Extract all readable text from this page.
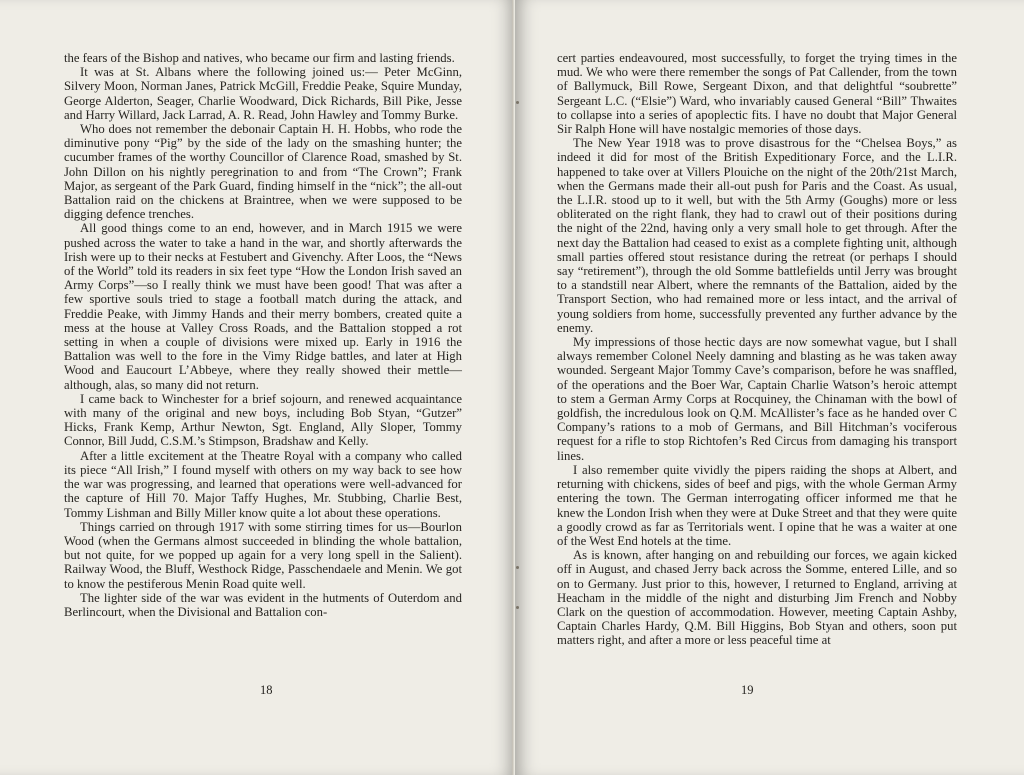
the fears of the Bishop and natives, who became our firm and lasting friends.

It was at St. Albans where the following joined us:— Peter McGinn, Silvery Moon, Norman Janes, Patrick McGill, Freddie Peake, Squire Munday, George Alderton, Seager, Charlie Woodward, Dick Richards, Bill Pike, Jesse and Harry Willard, Jack Larrad, A. R. Read, John Hawley and Tommy Burke.

Who does not remember the debonair Captain H. H. Hobbs, who rode the diminutive pony “Pig” by the side of the lady on the smashing hunter; the cucumber frames of the worthy Councillor of Clarence Road, smashed by St. John Dillon on his nightly peregrination to and from “The Crown”; Frank Major, as sergeant of the Park Guard, finding himself in the “nick”; the all-out Battalion raid on the chickens at Braintree, when we were supposed to be digging defence trenches.

All good things come to an end, however, and in March 1915 we were pushed across the water to take a hand in the war, and shortly afterwards the Irish were up to their necks at Festubert and Givenchy. After Loos, the “News of the World” told its readers in six feet type “How the London Irish saved an Army Corps”—so I really think we must have been good! That was after a few sportive souls tried to stage a football match during the attack, and Freddie Peake, with Jimmy Hands and their merry bombers, created quite a mess at the house at Valley Cross Roads, and the Battalion stopped a rot setting in when a couple of divisions were mixed up. Early in 1916 the Battalion was well to the fore in the Vimy Ridge battles, and later at High Wood and Eaucourt L’Abbeye, where they really showed their mettle—although, alas, so many did not return.

I came back to Winchester for a brief sojourn, and renewed acquaintance with many of the original and new boys, including Bob Styan, “Gutzer” Hicks, Frank Kemp, Arthur Newton, Sgt. England, Ally Sloper, Tommy Connor, Bill Judd, C.S.M.’s Stimpson, Bradshaw and Kelly.

After a little excitement at the Theatre Royal with a company who called its piece “All Irish,” I found myself with others on my way back to see how the war was progressing, and learned that operations were well-advanced for the capture of Hill 70. Major Taffy Hughes, Mr. Stubbing, Charlie Best, Tommy Lishman and Billy Miller know quite a lot about these operations.

Things carried on through 1917 with some stirring times for us—Bourlon Wood (when the Germans almost succeeded in blinding the whole battalion, but not quite, for we popped up again for a very long spell in the Salient). Railway Wood, the Bluff, Westhock Ridge, Passchendaele and Menin. We got to know the pestiferous Menin Road quite well.

The lighter side of the war was evident in the hutments of Outerdom and Berlincourt, when the Divisional and Battalion con-

18

cert parties endeavoured, most successfully, to forget the trying times in the mud. We who were there remember the songs of Pat Callender, from the town of Ballymuck, Bill Rowe, Sergeant Dixon, and that delightful “soubrette” Sergeant L.C. (“Elsie”) Ward, who invariably caused General “Bill” Thwaites to collapse into a series of apoplectic fits. I have no doubt that Major General Sir Ralph Hone will have nostalgic memories of those days.

The New Year 1918 was to prove disastrous for the “Chelsea Boys,” as indeed it did for most of the British Expeditionary Force, and the L.I.R. happened to take over at Villers Plouiche on the night of the 20th/21st March, when the Germans made their all-out push for Paris and the Coast. As usual, the L.I.R. stood up to it well, but with the 5th Army (Goughs) more or less obliterated on the right flank, they had to crawl out of their positions during the night of the 22nd, having only a very small hole to get through. After the next day the Battalion had ceased to exist as a complete fighting unit, although small parties offered stout resistance during the retreat (or perhaps I should say “retirement”), through the old Somme battlefields until Jerry was brought to a standstill near Albert, where the remnants of the Battalion, aided by the Transport Section, who had remained more or less intact, and the arrival of young soldiers from home, successfully prevented any further advance by the enemy.

My impressions of those hectic days are now somewhat vague, but I shall always remember Colonel Neely damning and blasting as he was taken away wounded. Sergeant Major Tommy Cave’s comparison, before he was snaffled, of the operations and the Boer War, Captain Charlie Watson’s heroic attempt to stem a German Army Corps at Rocquiney, the Chinaman with the bowl of goldfish, the incredulous look on Q.M. McAllister’s face as he handed over C Company’s rations to a mob of Germans, and Bill Hitchman’s vociferous request for a rifle to stop Richtofen’s Red Circus from damaging his transport lines.

I also remember quite vividly the pipers raiding the shops at Albert, and returning with chickens, sides of beef and pigs, with the whole German Army entering the town. The German interrogating officer informed me that he knew the London Irish when they were at Duke Street and that they were quite a goodly crowd as far as Territorials went. I opine that he was a waiter at one of the West End hotels at the time.

As is known, after hanging on and rebuilding our forces, we again kicked off in August, and chased Jerry back across the Somme, entered Lille, and so on to Germany. Just prior to this, however, I returned to England, arriving at Heacham in the middle of the night and disturbing Jim French and Nobby Clark on the question of accommodation. However, meeting Captain Ashby, Captain Charles Hardy, Q.M. Bill Higgins, Bob Styan and others, soon put matters right, and after a more or less peaceful time at

19
